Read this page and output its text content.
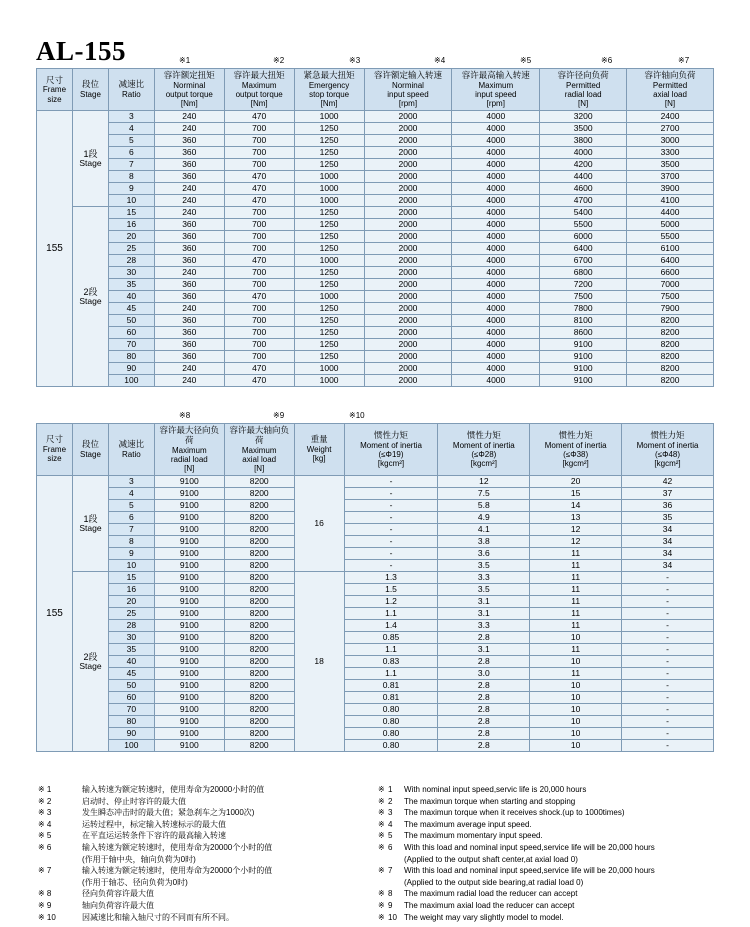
AL-155	※1	※2	※3	※4	※5	※6	※7
尺寸
Frame
size

段位
Stage

减速比
Ratio

容许额定扭矩
Norminal
output torque
[Nm]

容许最大扭矩
Maximum
output torque
[Nm]

紧急最大扭矩
Emergency
stop torque
[Nm]

容许额定输入转速
Norminal
input speed
[rpm]

容许最高输入转速
Maximum
input speed
[rpm]

容许径向负荷
Permitted
radial load
[N]

容许轴向负荷
Permitted
axial load
[N]

155	1段
Stage	3	240	470	1000	2000	4000	3200	2400
		4	240	700	1250	2000	4000	3500	2700
		5	360	700	1250	2000	4000	3800	3000
		6	360	700	1250	2000	4000	4000	3300
		7	360	700	1250	2000	4000	4200	3500
		8	360	470	1000	2000	4000	4400	3700
		9	240	470	1000	2000	4000	4600	3900
		10	240	470	1000	2000	4000	4700	4100

	2段
Stage	15	240	700	1250	2000	4000	5400	4400
		16	360	700	1250	2000	4000	5500	5000
		20	360	700	1250	2000	4000	6000	5500
		25	360	700	1250	2000	4000	6400	6100
		28	360	470	1000	2000	4000	6700	6400
		30	240	700	1250	2000	4000	6800	6600
		35	360	700	1250	2000	4000	7200	7000
		40	360	470	1000	2000	4000	7500	7500
		45	240	700	1250	2000	4000	7800	7900
		50	360	700	1250	2000	4000	8100	8200
		60	360	700	1250	2000	4000	8600	8200
		70	360	700	1250	2000	4000	9100	8200
		80	360	700	1250	2000	4000	9100	8200
		90	240	470	1000	2000	4000	9100	8200
		100	240	470	1000	2000	4000	9100	8200
※8	※9	※10
尺寸
Frame
size

段位
Stage

减速比
Ratio

容许最大径向负荷
Maximum
radial load
[N]

容许最大轴向负荷
Maximum
axial load
[N]

重量
Weight
[kg]

惯性力矩
Moment of inertia
(≤Φ19)
[kgcm²]

惯性力矩
Moment of inertia
(≤Φ28)
[kgcm²]

惯性力矩
Moment of inertia
(≤Φ38)
[kgcm²]

惯性力矩
Moment of inertia
(≤Φ48)
[kgcm²]

155	1段
Stage	3	9100	8200	16	-	12	20	42
		4	9100	8200		-	7.5	15	37
		5	9100	8200		-	5.8	14	36
		6	9100	8200		-	4.9	13	35
		7	9100	8200		-	4.1	12	34
		8	9100	8200		-	3.8	12	34
		9	9100	8200		-	3.6	11	34
		10	9100	8200		-	3.5	11	34

	2段
Stage	15	9100	8200	18	1.3	3.3	11	-
		16	9100	8200		1.5	3.5	11	-
		20	9100	8200		1.2	3.1	11	-
		25	9100	8200		1.1	3.1	11	-
		28	9100	8200		1.4	3.3	11	-
		30	9100	8200		0.85	2.8	10	-
		35	9100	8200		1.1	3.1	11	-
		40	9100	8200		0.83	2.8	10	-
		45	9100	8200		1.1	3.0	11	-
		50	9100	8200		0.81	2.8	10	-
		60	9100	8200		0.81	2.8	10	-
		70	9100	8200		0.80	2.8	10	-
		80	9100	8200		0.80	2.8	10	-
		90	9100	8200		0.80	2.8	10	-
		100	9100	8200		0.80	2.8	10	-
※ 1	输入转速为额定转速时，使用寿命为20000小时的值
※ 2	启动时、停止时容许的最大值
※ 3	发生瞬态冲击时的最大值；紧急刹车之为1000次)
※ 4	运转过程中，标定输入转速标示的最大值
※ 5	在平直运运转条件下容许的最高输入转速
※ 6	输入转速为额定转速时，使用寿命为20000个小时的值
(作用于轴中央，轴向负荷为0时)
※ 7	输入转速为额定转速时，使用寿命为20000个小时的值
(作用于轴芯、径向负荷为0时)
※ 8	径向负荷容许最大值
※ 9	轴向负荷容许最大值
※ 10	因减速比和输入轴尺寸的不同而有所不同。
※ 1 With nominal input speed,servic life is 20,000 hours
※ 2 The maximun torque when starting and stopping
※ 3 The maximun torque when it receives shock.(up to 1000times)
※ 4 The maximum average input speed.
※ 5 The maximum momentary input speed.
※ 6 With this load and nominal input speed,service life will be 20,000 hours
(Applied to the output shaft center,at axial load 0)
※ 7 With this load and nominal input speed,service life will be 20,000 hours
(Applied to the output side bearing,at radial load 0)
※ 8 The maximum radial load the reducer can accept
※ 9 The maximum axial load the reducer can accept
※ 10 The weight may vary slightly model to model.
